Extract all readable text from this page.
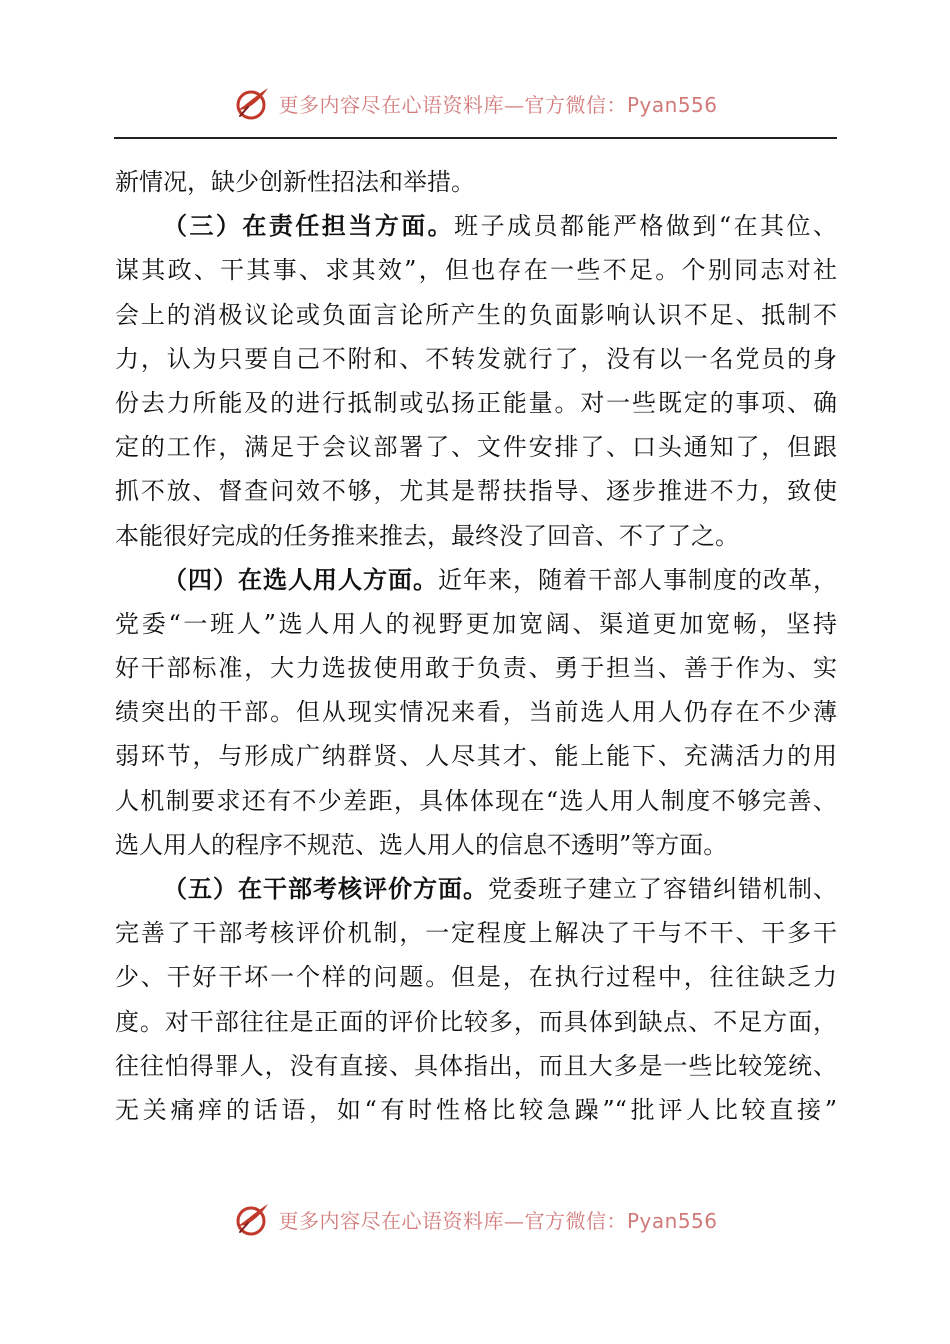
更多内容尽在心语资料库—官方微信：Pyan556
新情况，缺少创新性招法和举措。
（三）在责任担当方面。班子成员都能严格做到“在其位、
谋其政、干其事、求其效”，但也存在一些不足。个别同志对社
会上的消极议论或负面言论所产生的负面影响认识不足、抵制不
力，认为只要自己不附和、不转发就行了，没有以一名党员的身
份去力所能及的进行抵制或弘扬正能量。对一些既定的事项、确
定的工作，满足于会议部署了、文件安排了、口头通知了，但跟
抓不放、督查问效不够，尤其是帮扶指导、逐步推进不力，致使
本能很好完成的任务推来推去，最终没了回音、不了了之。
（四）在选人用人方面。近年来，随着干部人事制度的改革，
党委“一班人”选人用人的视野更加宽阔、渠道更加宽畅，坚持
好干部标准，大力选拔使用敢于负责、勇于担当、善于作为、实
绩突出的干部。但从现实情况来看，当前选人用人仍存在不少薄
弱环节，与形成广纳群贤、人尽其才、能上能下、充满活力的用
人机制要求还有不少差距，具体体现在“选人用人制度不够完善、
选人用人的程序不规范、选人用人的信息不透明”等方面。
（五）在干部考核评价方面。党委班子建立了容错纠错机制、
完善了干部考核评价机制，一定程度上解决了干与不干、干多干
少、干好干坏一个样的问题。但是，在执行过程中，往往缺乏力
度。对干部往往是正面的评价比较多，而具体到缺点、不足方面，
往往怕得罪人，没有直接、具体指出，而且大多是一些比较笼统、
无关痛痒的话语，如“有时性格比较急躁”“批评人比较直接”
更多内容尽在心语资料库—官方微信：Pyan556
